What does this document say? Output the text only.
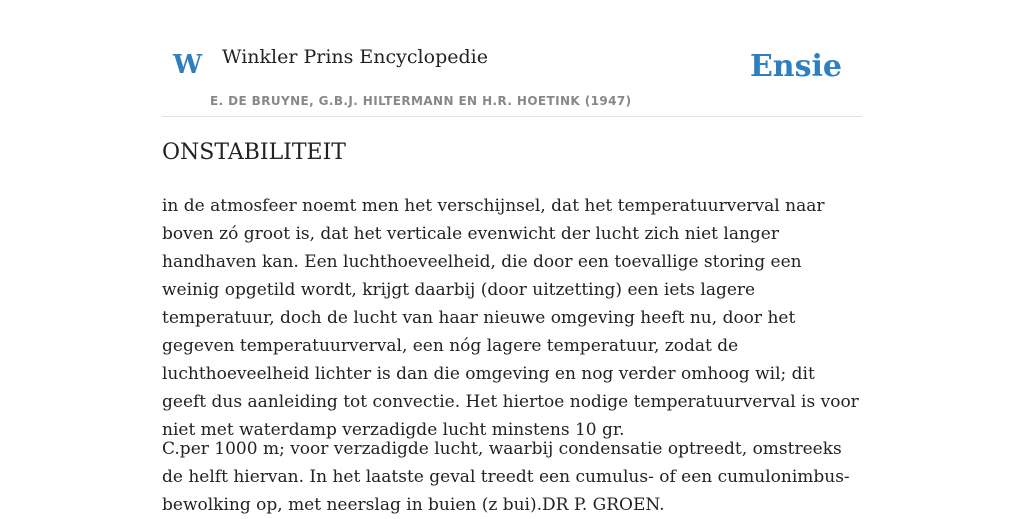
W Winkler Prins Encyclopedie
E. DE BRUYNE, G.B.J. HILTERMANN EN H.R. HOETINK (1947)
Ensie
ONSTABILITEIT

in de atmosfeer noemt men het verschijnsel, dat het temperatuurverval naar boven zó groot is, dat het verticale evenwicht der lucht zich niet langer handhaven kan. Een luchthoeveelheid, die door een toevallige storing een weinig opgetild wordt, krijgt daarbij (door uitzetting) een iets lagere temperatuur, doch de lucht van haar nieuwe omgeving heeft nu, door het gegeven temperatuurverval, een nóg lagere temperatuur, zodat de luchthoeveelheid lichter is dan die omgeving en nog verder omhoog wil; dit geeft dus aanleiding tot convectie. Het hiertoe nodige temperatuurverval is voor niet met waterdamp verzadigde lucht minstens 10 gr.

C.per 1000 m; voor verzadigde lucht, waarbij condensatie optreedt, omstreeks de helft hiervan. In het laatste geval treedt een cumulus- of een cumulonimbus-bewolking op, met neerslag in buien (z bui).DR P. GROEN.
